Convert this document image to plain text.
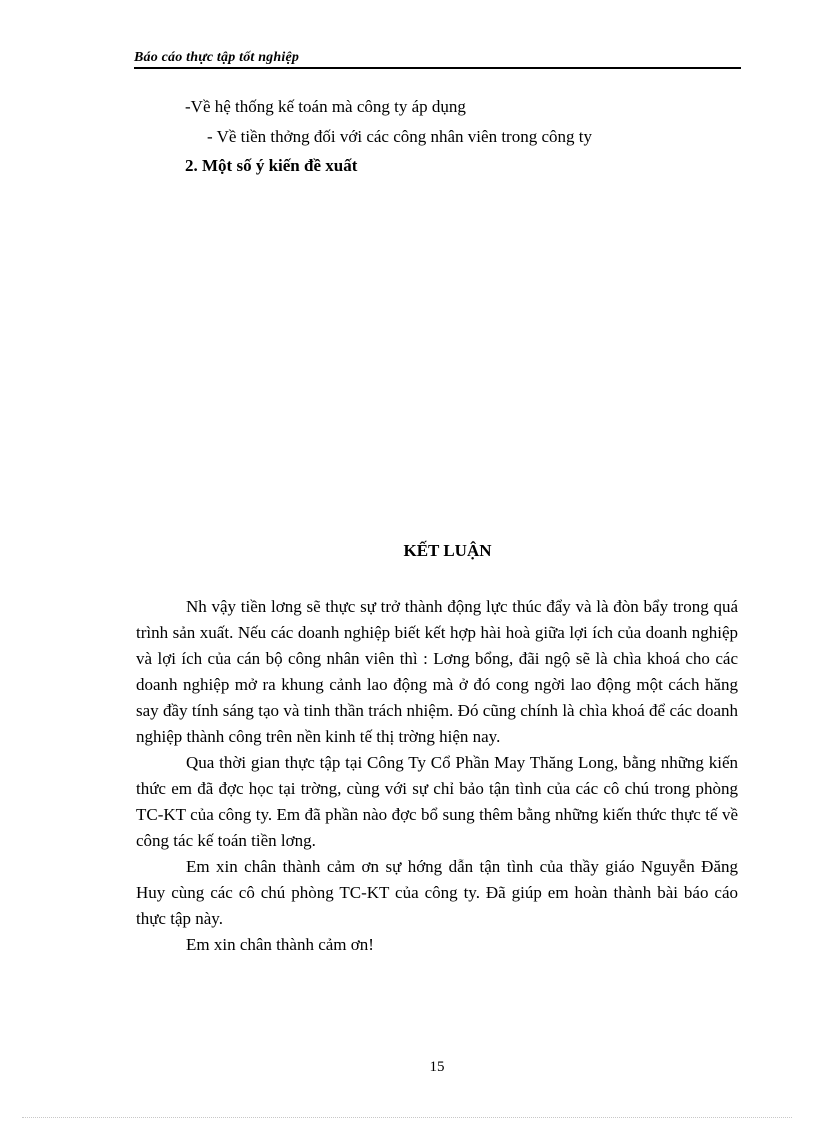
Báo cáo thực tập tốt nghiệp
-Về hệ thống kế toán mà công ty áp dụng
- Về tiền thởng đối với các công nhân viên trong công ty
2. Một số ý kiến đề xuất
KẾT LUẬN

Nh vậy tiền lơng sẽ thực sự trở thành động lực thúc đẩy và là đòn bẩy trong quá trình sản xuất. Nếu các doanh nghiệp biết kết hợp hài hoà giữa lợi ích của doanh nghiệp và lợi ích của cán bộ công nhân viên thì : Lơng bổng, đãi ngộ sẽ là chìa khoá cho các doanh nghiệp mở ra khung cảnh lao động mà ở đó cong ngời lao động một cách hăng say đầy tính sáng tạo và tinh thần trách nhiệm. Đó cũng chính là chìa khoá để các doanh nghiệp thành công trên nền kinh tế thị trờng hiện nay.

Qua thời gian thực tập tại Công Ty Cổ Phần May Thăng Long, bằng những kiến thức em đã đợc học tại trờng, cùng với sự chỉ bảo tận tình của các cô chú trong phòng TC-KT của công ty. Em đã phần nào đợc bổ sung thêm bằng những kiến thức thực tế về công tác kế toán tiền lơng.

Em xin chân thành cảm ơn sự hớng dẫn tận tình của thầy giáo Nguyễn Đăng Huy cùng các cô chú phòng TC-KT của công ty. Đã giúp em hoàn thành bài báo cáo thực tập này.

Em xin chân thành cảm ơn!

15
